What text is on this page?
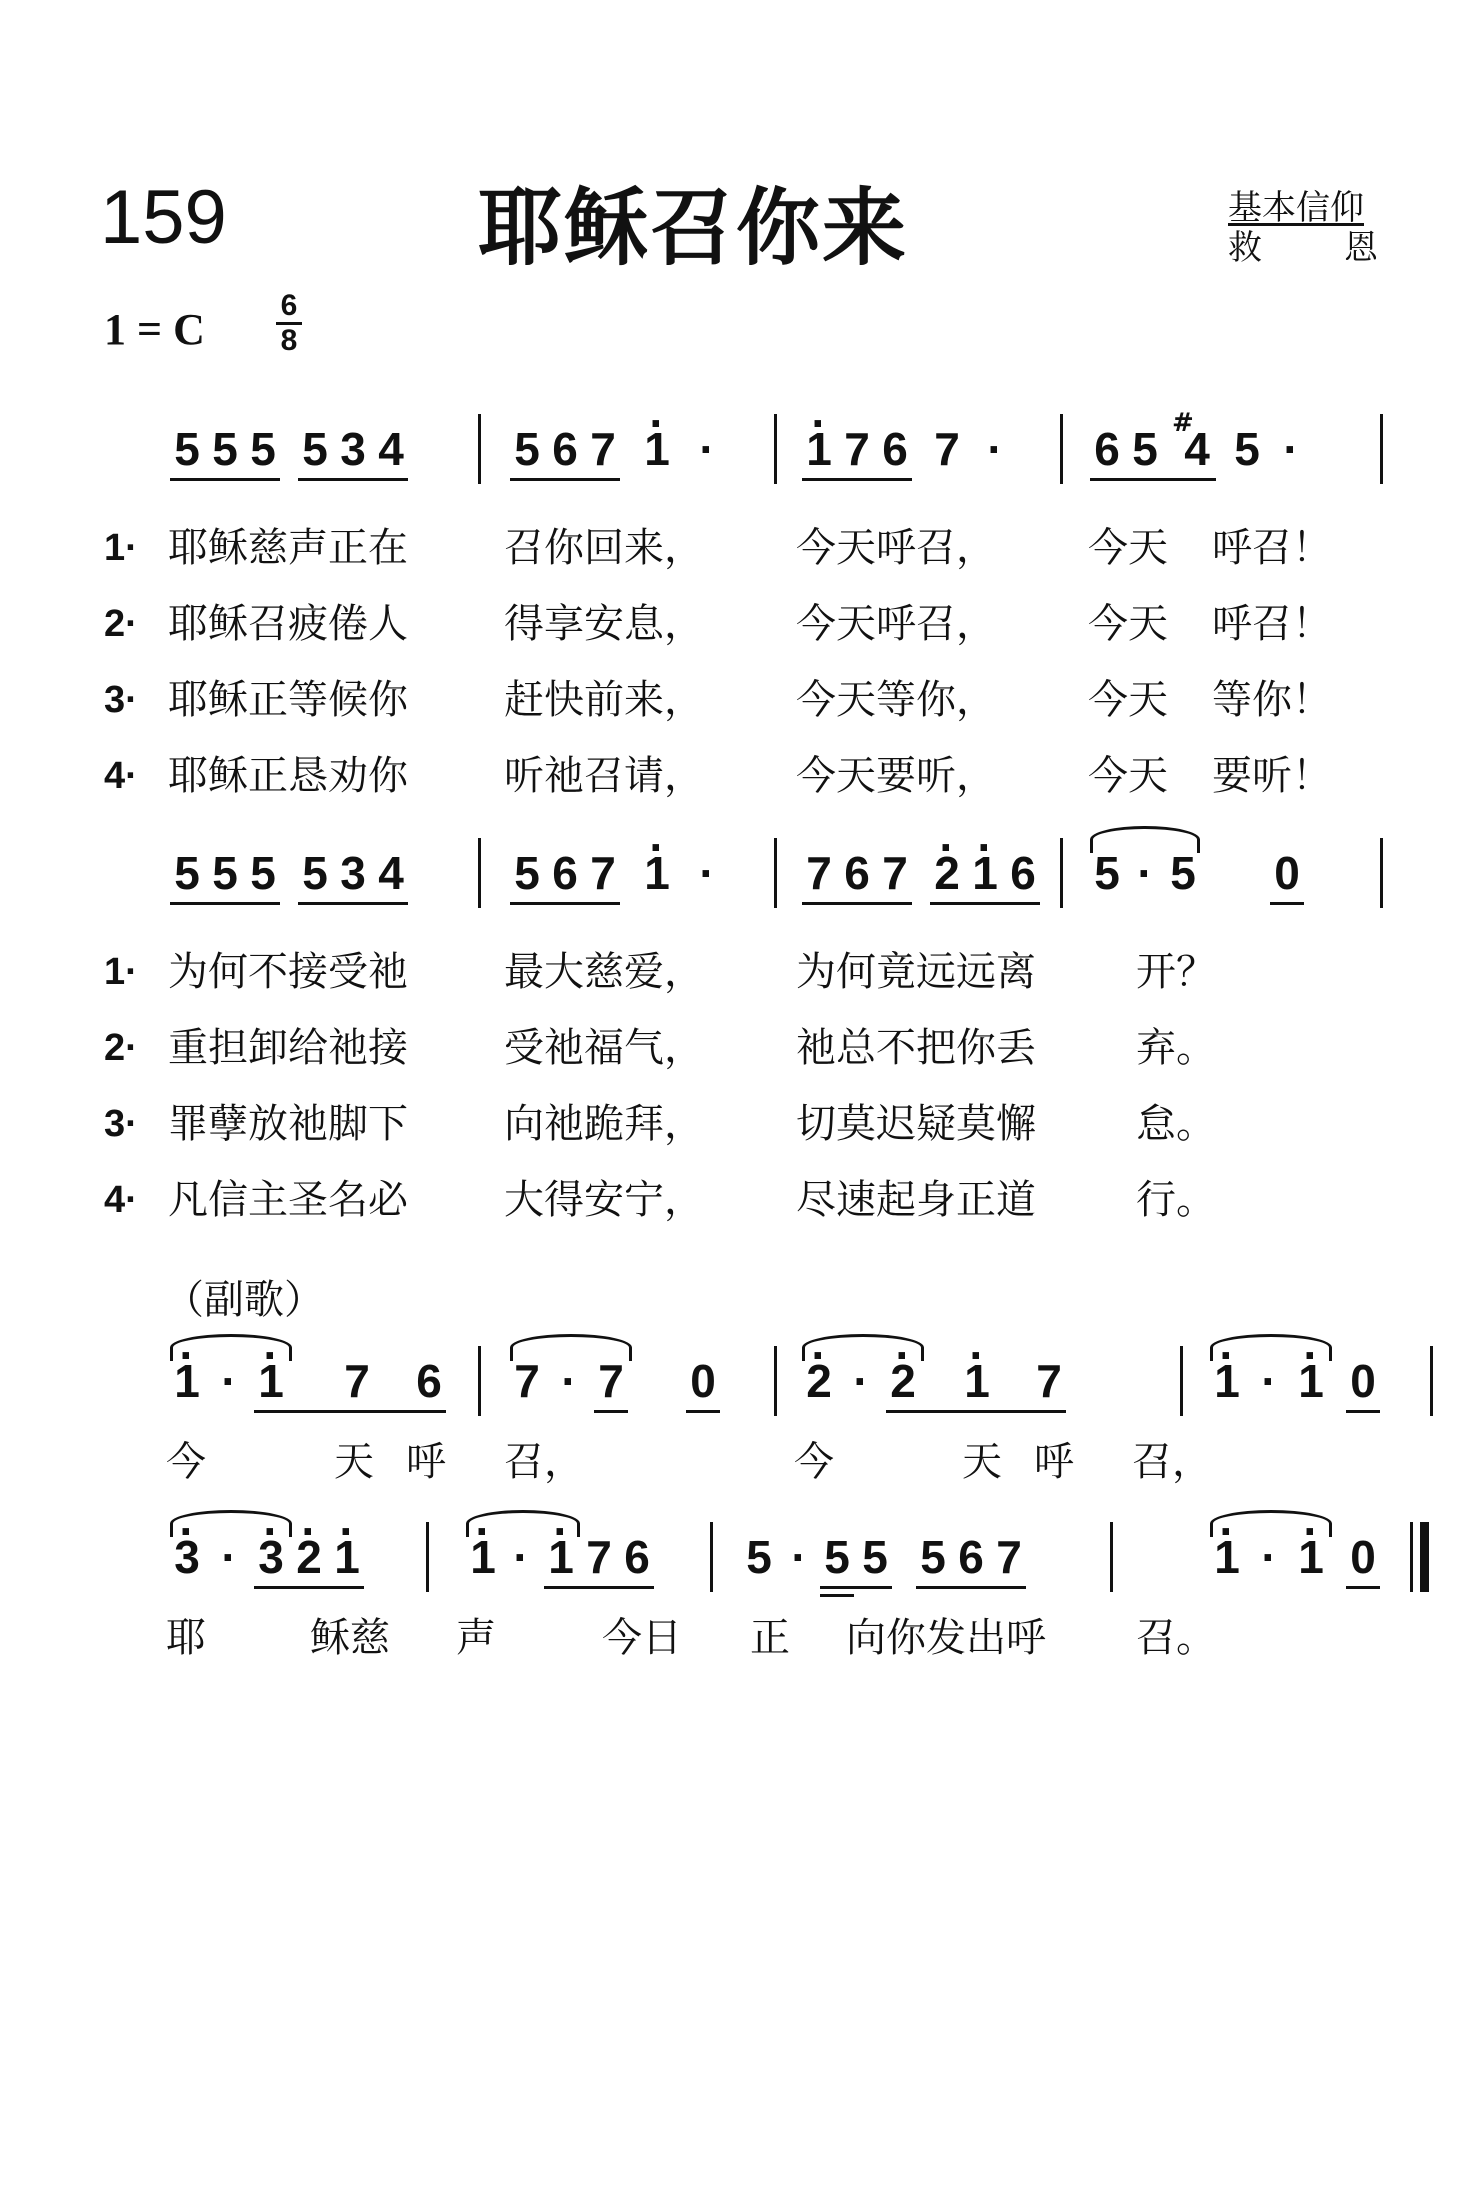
159	耶稣召你来	基本信仰
救 恩
1 = C	6
8
5 5 5 5 3 4 5 6 7 · 1 · · 1 7 6 7 · 6 5 #
4 5 ·
1· 耶稣慈声正在 召你回来， 今天呼召， 今天 呼召！
2· 耶稣召疲倦人 得享安息， 今天呼召， 今天 呼召！
3· 耶稣正等候你 赶快前来， 今天等你， 今天 等你！
4· 耶稣正恳劝你 听祂召请， 今天要听， 今天 要听！
5 5 5 5 3 4 5 6 7 · 1 · 7 6 7 · 2 · 1 6 5 · 5 0
1· 为何不接受祂 最大慈爱， 为何竟远远离	开？
2· 重担卸给祂接 受祂福气， 祂总不把你丢	弃。
3· 罪孽放祂脚下 向祂跪拜， 切莫迟疑莫懈	怠。
4· 凡信主圣名必 大得安宁， 尽速起身正道	行。
（副歌）
· 1 · · 1 7 6 7 · 7 0 · 2 · · 2 · 1 7	· 1 · · 1 0
今	天 呼 召，	今	天 呼 召，
· 3 · · 3 · 2 · 1 · 1 · · 1 7 6 5 · 5 5 5 6 7	· 1 · · 1 0
耶	稣慈 声	今日 正 向你发出呼 召。
